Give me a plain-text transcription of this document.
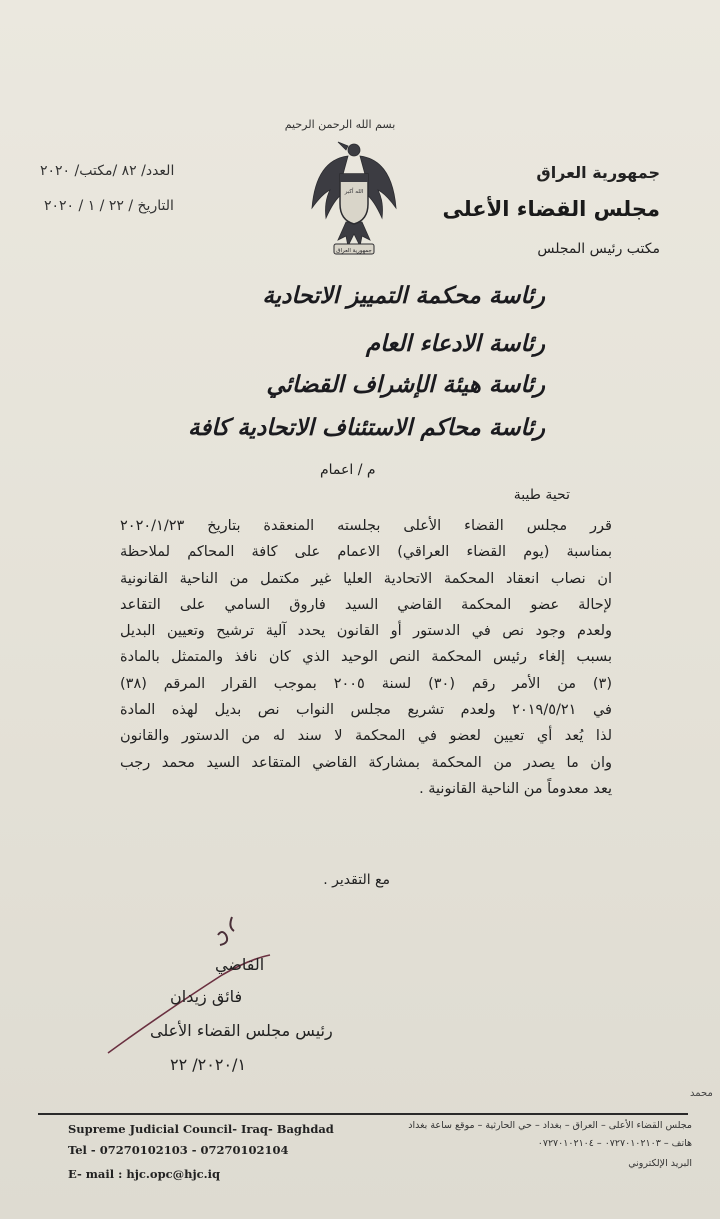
بسم الله الرحمن الرحيم
الله أكبر
جمهورية العراق
جمهورية العراق
مجلس القضاء الأعلى
مكتب رئيس المجلس
العدد/ ٨٢ /مكتب/ ٢٠٢٠
التاريخ / ٢٢ / ١ / ٢٠٢٠
رئاسة محكمة التمييز الاتحادية
رئاسة الادعاء العام
رئاسة هيئة الإشراف القضائي
رئاسة محاكم الاستئناف الاتحادية كافة
م / اعمام
تحية طيبة
قرر مجلس القضاء الأعلى بجلسته المنعقدة بتاريخ ٢٠٢٠/١/٢٣
بمناسبة (يوم القضاء العراقي) الاعمام على كافة المحاكم لملاحظة
ان نصاب انعقاد المحكمة الاتحادية العليا غير مكتمل من الناحية القانونية
لإحالة عضو المحكمة القاضي السيد فاروق السامي على التقاعد
ولعدم وجود نص في الدستور أو القانون يحدد آلية ترشيح وتعيين البديل
بسبب إلغاء رئيس المحكمة النص الوحيد الذي كان نافذ والمتمثل بالمادة
(٣) من الأمر رقم (٣٠) لسنة ٢٠٠٥ بموجب القرار المرقم (٣٨)
في ٢٠١٩/٥/٢١ ولعدم تشريع مجلس النواب نص بديل لهذه المادة
لذا يُعد أي تعيين لعضو في المحكمة لا سند له من الدستور والقانون
وان ما يصدر من المحكمة بمشاركة القاضي المتقاعد السيد محمد رجب
يعد معدوماً من الناحية القانونية .
مع التقدير .
القاضي
فائق زيدان
رئيس مجلس القضاء الأعلى
٢٠٢٠/١/ ٢٢
محمد
Supreme Judicial Council- Iraq- Baghdad
Tel - 07270102103 - 07270102104
E- mail : hjc.opc@hjc.iq
مجلس القضاء الأعلى – العراق – بغداد – حي الحارثية – موقع ساعة بغداد
هاتف – ٠٧٢٧٠١٠٢١٠٣ – ٠٧٢٧٠١٠٢١٠٤
البريد الإلكتروني
